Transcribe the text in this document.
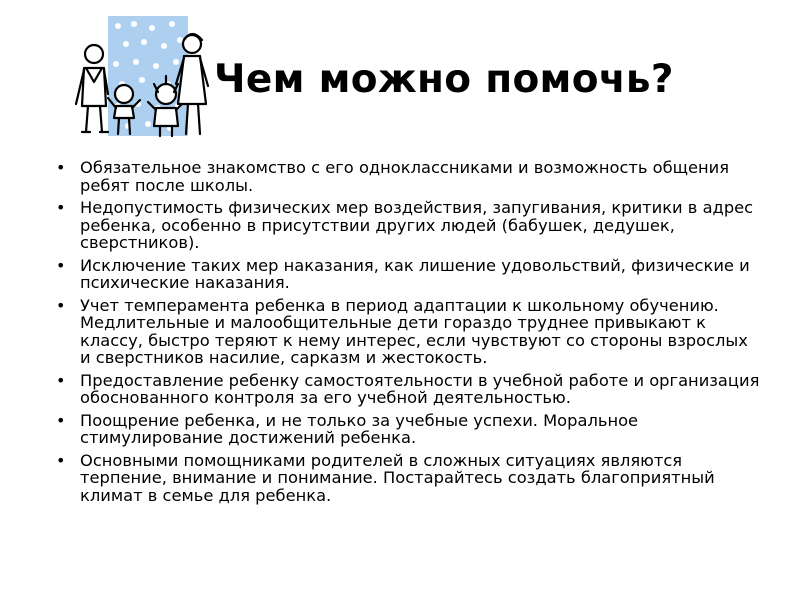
Чем можно помочь?
• Обязательное знакомство с его одноклассниками и возможность общения ребят после школы.
• Недопустимость физических мер воздействия, запугивания, критики в адрес ребенка, особенно в присутствии других людей (бабушек, дедушек, сверстников).
• Исключение таких мер наказания, как лишение удовольствий, физические и психические наказания.
• Учет темперамента ребенка в период адаптации к школьному обучению. Медлительные и малообщительные дети гораздо труднее привыкают к классу, быстро теряют к нему интерес, если чувствуют со стороны взрослых и сверстников насилие, сарказм и жестокость.
• Предоставление ребенку самостоятельности в учебной работе и организация обоснованного контроля за его учебной деятельностью.
• Поощрение ребенка, и не только за учебные успехи. Моральное стимулирование достижений ребенка.
• Основными помощниками родителей в сложных ситуациях являются терпение, внимание и понимание. Постарайтесь создать благоприятный климат в семье для ребенка.
